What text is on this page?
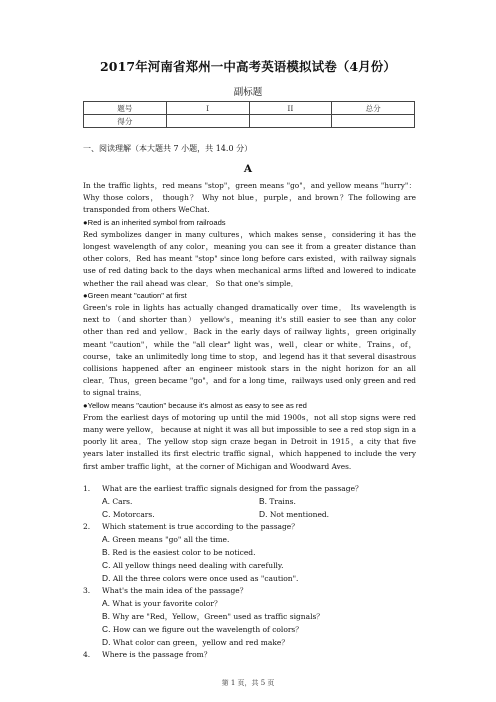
2017年河南省郑州一中高考英语模拟试卷（4月份）
副标题
题号	I	II	总分
得分			
一、阅读理解（本大题共 7 小题，共 14.0 分）
A

In the traffic lights，red means "stop"，green means "go"，and yellow means "hurry"： Why those colors， though？ Why not blue，purple，and brown？The following are transponded from others WeChat.

●Red is an inherited symbol from railroads

Red symbolizes danger in many cultures，which makes sense，considering it has the longest wavelength of any color，meaning you can see it from a greater distance than other colors．Red has meant "stop" since long before cars existed，with railway signals use of red dating back to the days when mechanical arms lifted and lowered to indicate whether the rail ahead was clear． So that one's simple．

●Green meant "caution" at first

Green's role in lights has actually changed dramatically over time． Its wavelength is next to （and shorter than） yellow's，meaning it's still easier to see than any color other than red and yellow．Back in the early days of railway lights，green originally meant "caution"，while the "all clear" light was，well，clear or white．Trains，of，course，take an unlimitedly long time to stop，and legend has it that several disastrous collisions happened after an engineer mistook stars in the night horizon for an all clear．Thus，green became "go"，and for a long time，railways used only green and red to signal trains．

●Yellow means "caution" because it's almost as easy to see as red

From the earliest days of motoring up until the mid 1900s，not all stop signs were red many were yellow， because at night it was all but impossible to see a red stop sign in a poorly lit area．The yellow stop sign craze began in Detroit in 1915，a city that five years later installed its first electric traffic signal，which happened to include the very first amber traffic light，at the corner of Michigan and Woodward Aves.

1.	What are the earliest traffic signals designed for from the passage？
A. Cars.	B. Trains.
C. Motorcars.	D. Not mentioned.
2.	Which statement is true according to the passage？
A. Green means "go" all the time.
B. Red is the easiest color to be noticed.
C. All yellow things need dealing with carefully.
D. All the three colors were once used as "caution".
3.	What's the main idea of the passage？
A. What is your favorite color？
B. Why are "Red，Yellow，Green" used as traffic signals？
C. How can we figure out the wavelength of colors？
D. What color can green，yellow and red make？
4.	Where is the passage from？
第 1 页，共 5 页
